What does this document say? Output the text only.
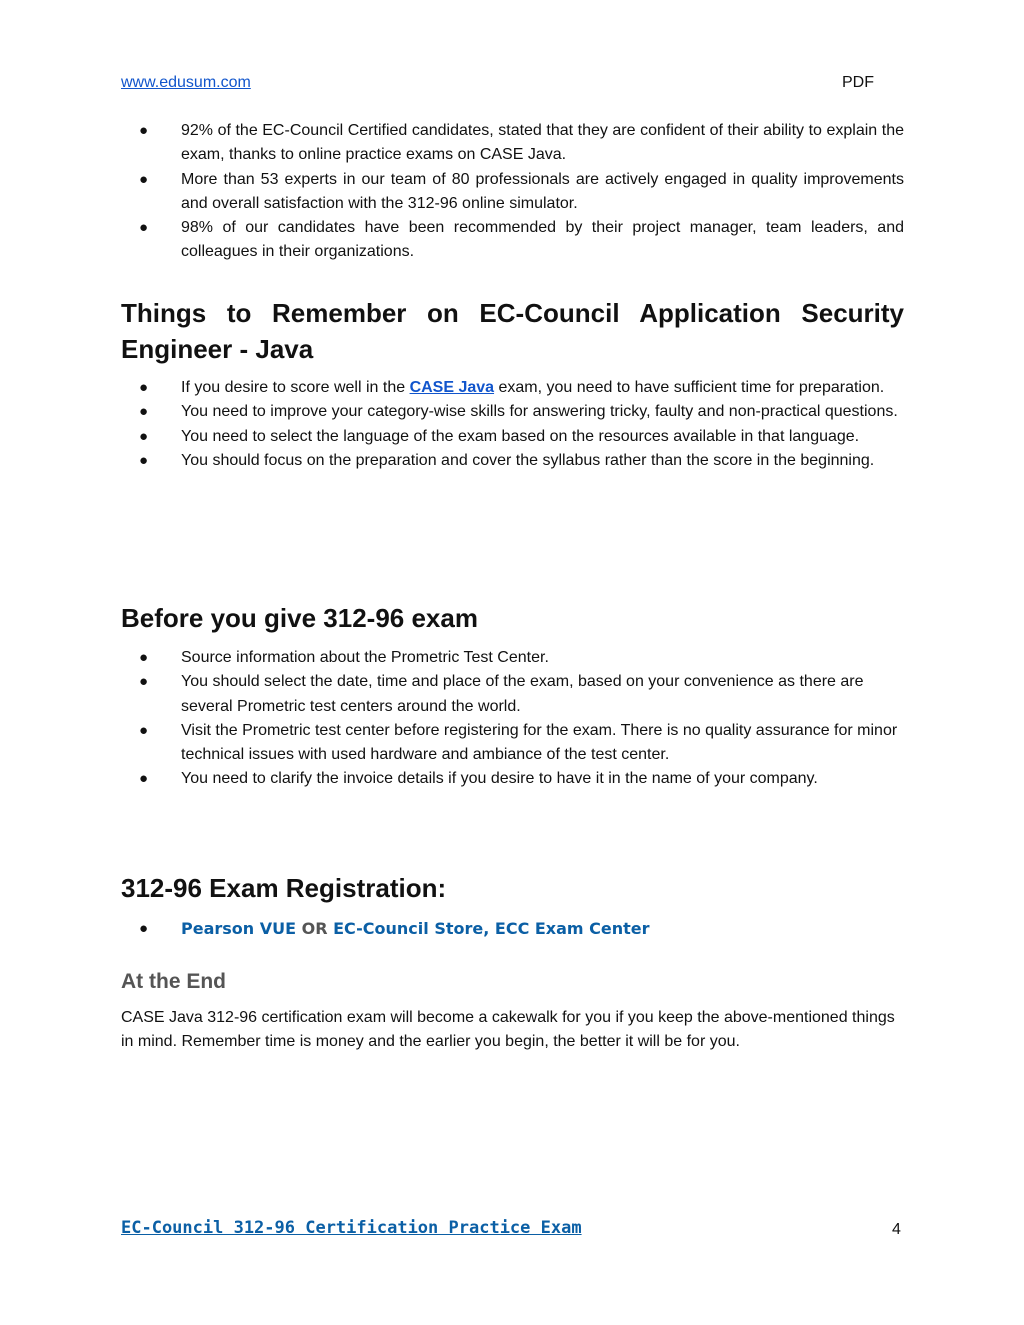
www.edusum.com	PDF
● 92% of the EC-Council Certified candidates, stated that they are confident of their ability to explain the exam, thanks to online practice exams on CASE Java.
● More than 53 experts in our team of 80 professionals are actively engaged in quality improvements and overall satisfaction with the 312-96 online simulator.
● 98% of our candidates have been recommended by their project manager, team leaders, and colleagues in their organizations.
Things to Remember on EC-Council Application Security Engineer - Java
● If you desire to score well in the CASE Java exam, you need to have sufficient time for preparation.
● You need to improve your category-wise skills for answering tricky, faulty and non-practical questions.
● You need to select the language of the exam based on the resources available in that language.
● You should focus on the preparation and cover the syllabus rather than the score in the beginning.
Before you give 312-96 exam
● Source information about the Prometric Test Center.
● You should select the date, time and place of the exam, based on your convenience as there are several Prometric test centers around the world.
● Visit the Prometric test center before registering for the exam. There is no quality assurance for minor technical issues with used hardware and ambiance of the test center.
● You need to clarify the invoice details if you desire to have it in the name of your company.
312-96 Exam Registration:
● Pearson VUE OR EC-Council Store, ECC Exam Center
At the End

CASE Java 312-96 certification exam will become a cakewalk for you if you keep the above-mentioned things in mind. Remember time is money and the earlier you begin, the better it will be for you.

EC-Council 312-96 Certification Practice Exam	4
